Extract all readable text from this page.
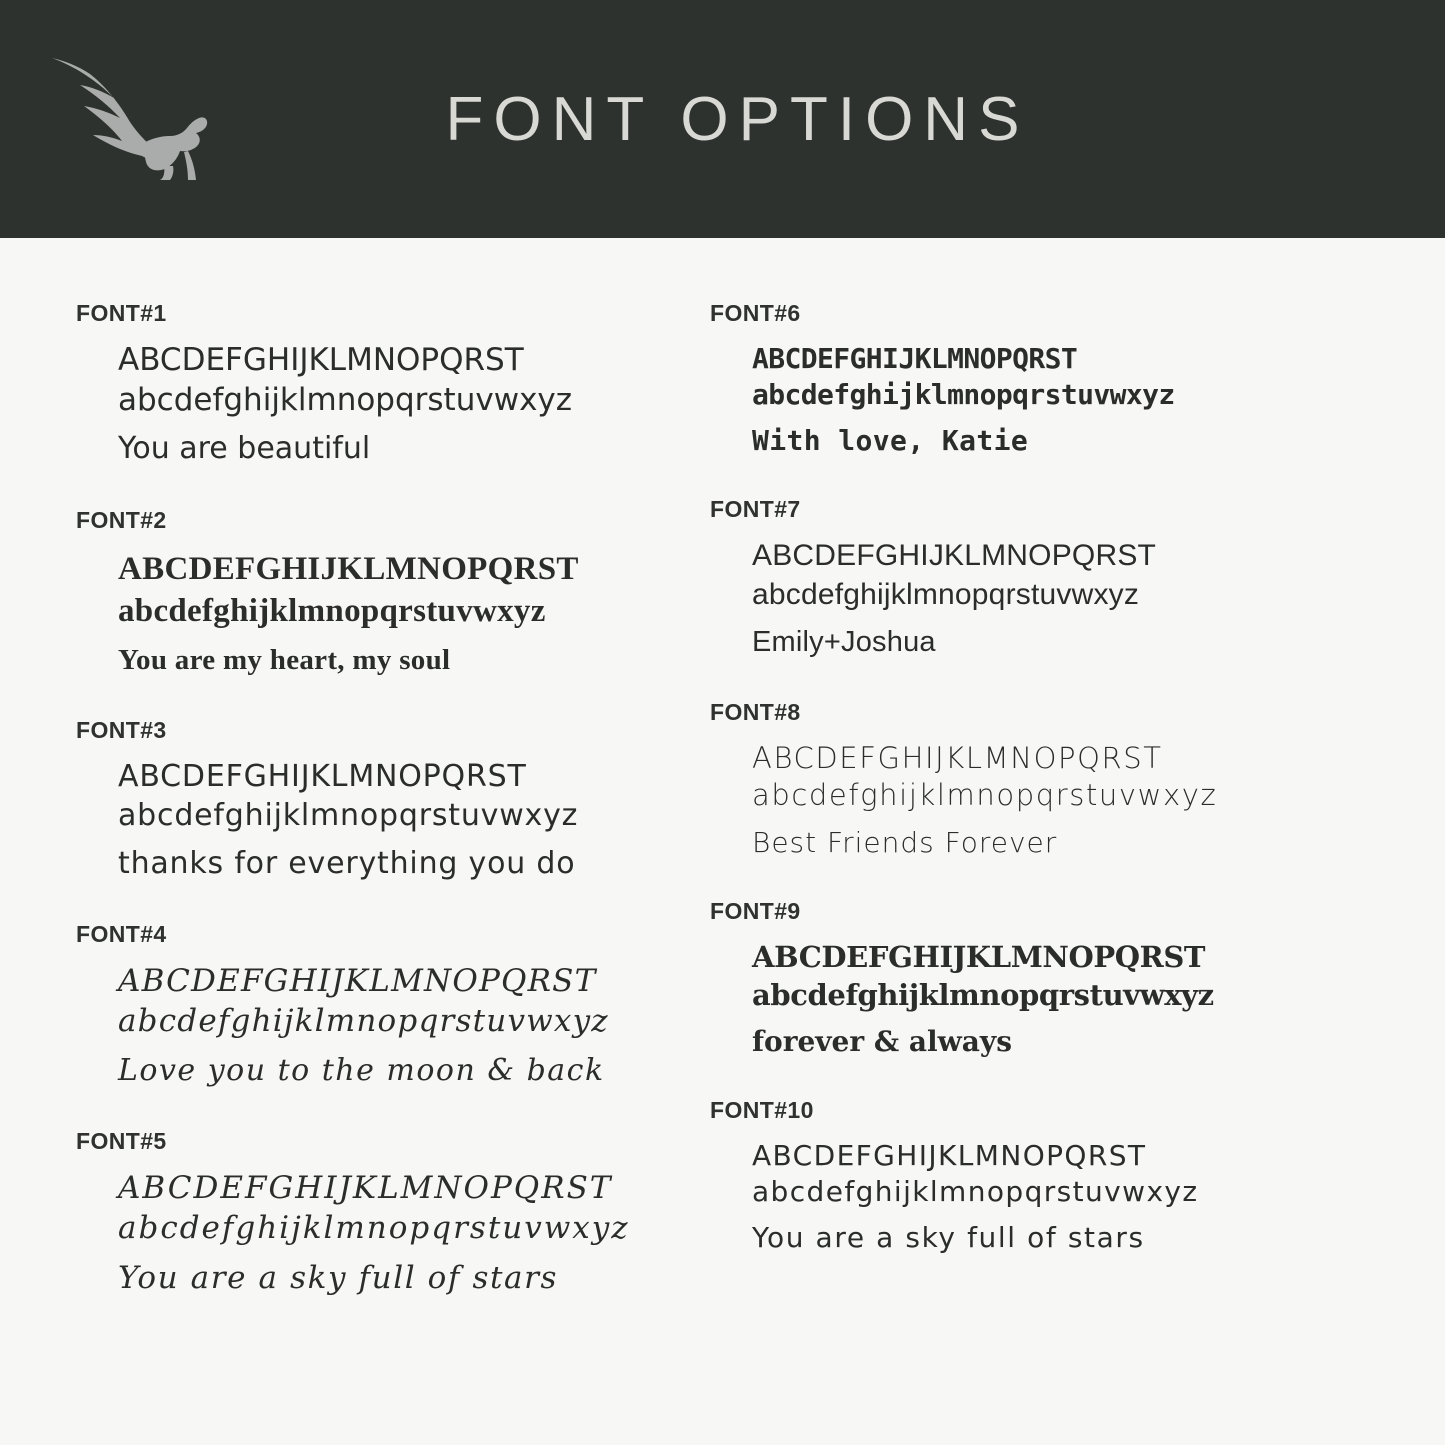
FONT OPTIONS
FONT#1
ABCDEFGHIJKLMNOPQRST
abcdefghijklmnopqrstuvwxyz
You are beautiful
FONT#2
ABCDEFGHIJKLMNOPQRST
abcdefghijklmnopqrstuvwxyz
You are my heart, my soul
FONT#3
ABCDEFGHIJKLMNOPQRST
abcdefghijklmnopqrstuvwxyz
thanks for everything you do
FONT#4
ABCDEFGHIJKLMNOPQRST
abcdefghijklmnopqrstuvwxyz
Love you to the moon & back
FONT#5
ABCDEFGHIJKLMNOPQRST
abcdefghijklmnopqrstuvwxyz
You are a sky full of stars
FONT#6
ABCDEFGHIJKLMNOPQRST
abcdefghijklmnopqrstuvwxyz
With love, Katie
FONT#7
ABCDEFGHIJKLMNOPQRST
abcdefghijklmnopqrstuvwxyz
Emily+Joshua
FONT#8
ABCDEFGHIJKLMNOPQRST
abcdefghijklmnopqrstuvwxyz
Best Friends Forever
FONT#9
ABCDEFGHIJKLMNOPQRST
abcdefghijklmnopqrstuvwxyz
forever & always
FONT#10
ABCDEFGHIJKLMNOPQRST
abcdefghijklmnopqrstuvwxyz
You are a sky full of stars
